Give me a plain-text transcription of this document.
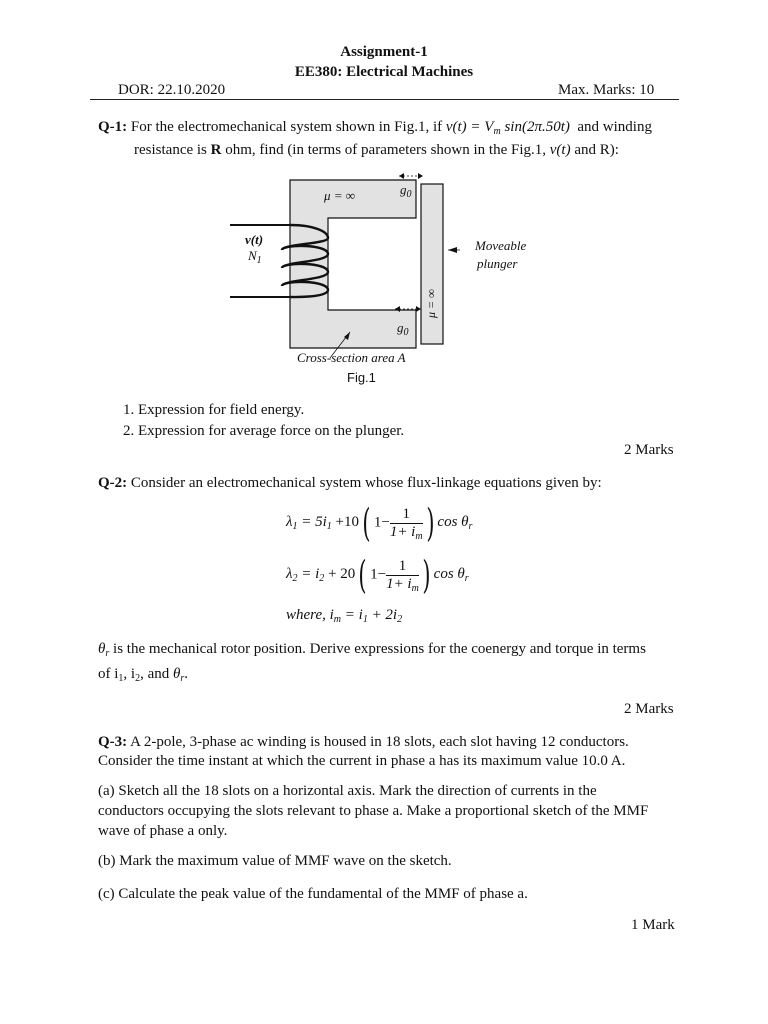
Assignment-1
EE380: Electrical Machines
DOR: 22.10.2020	Max. Marks: 10
Q-1: For the electromechanical system shown in Fig.1, if $v(t) = V_m$ sin(2π.50t) and winding
resistance is R ohm, find (in terms of parameters shown in the Fig.1, v(t) and R):
μ = ∞	$g_0$
$g_0$
v(t)
$N_1$
Moveable
plunger
μ = ∞
Cross-section area A
Fig.1
1. Expression for field energy.
2. Expression for average force on the plunger.
2 Marks
Q-2: Consider an electromechanical system whose flux-linkage equations given by:
$\lambda_1 = 5i_1 +10$( $1- \frac{1}{1+ i_m}$ ) $\cos \theta_r$
$\lambda_2 = i_2 + 20$( $1- \frac{1}{1+ i_m}$ ) $\cos \theta_r$
where, $i_m = i_1 + 2i_2$
$\theta_r$ is the mechanical rotor position. Derive expressions for the coenergy and torque in terms
of $i_1$, $i_2$, and $\theta_r$.
2 Marks
Q-3: A 2-pole, 3-phase ac winding is housed in 18 slots, each slot having 12 conductors.
Consider the time instant at which the current in phase a has its maximum value 10.0 A.
(a) Sketch all the 18 slots on a horizontal axis. Mark the direction of currents in the
conductors occupying the slots relevant to phase a. Make a proportional sketch of the MMF
wave of phase a only.
(b) Mark the maximum value of MMF wave on the sketch.
(c) Calculate the peak value of the fundamental of the MMF of phase a.
1 Mark
